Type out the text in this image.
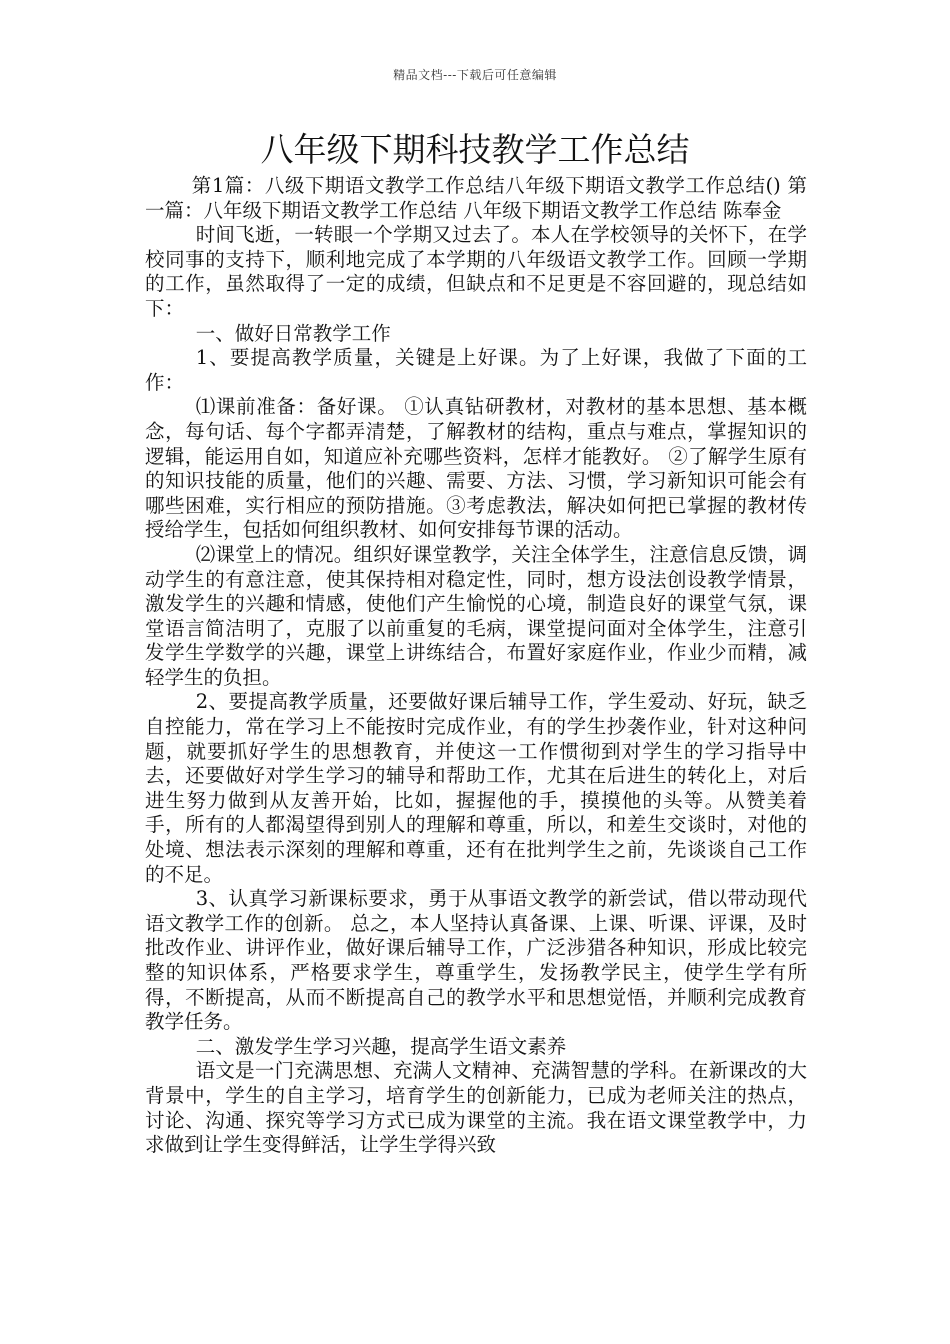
精品文档---下载后可任意编辑
八年级下期科技教学工作总结

第1篇：八级下期语文教学工作总结八年级下期语文教学工作总结() 第一篇：八年级下期语文教学工作总结 八年级下期语文教学工作总结 陈奉金

时间飞逝，一转眼一个学期又过去了。本人在学校领导的关怀下，在学校同事的支持下，顺利地完成了本学期的八年级语文教学工作。回顾一学期的工作，虽然取得了一定的成绩，但缺点和不足更是不容回避的，现总结如下：

一、做好日常教学工作

1、要提高教学质量，关键是上好课。为了上好课，我做了下面的工作：

⑴课前准备：备好课。 ①认真钻研教材，对教材的基本思想、基本概念，每句话、每个字都弄清楚，了解教材的结构，重点与难点，掌握知识的逻辑，能运用自如，知道应补充哪些资料，怎样才能教好。 ②了解学生原有的知识技能的质量，他们的兴趣、需要、方法、习惯，学习新知识可能会有哪些困难，实行相应的预防措施。③考虑教法，解决如何把已掌握的教材传授给学生，包括如何组织教材、如何安排每节课的活动。

⑵课堂上的情况。组织好课堂教学，关注全体学生，注意信息反馈，调动学生的有意注意，使其保持相对稳定性，同时，想方设法创设教学情景，激发学生的兴趣和情感，使他们产生愉悦的心境，制造良好的课堂气氛，课堂语言简洁明了，克服了以前重复的毛病，课堂提问面对全体学生，注意引发学生学数学的兴趣，课堂上讲练结合，布置好家庭作业，作业少而精，减轻学生的负担。

2、要提高教学质量，还要做好课后辅导工作，学生爱动、好玩，缺乏自控能力，常在学习上不能按时完成作业，有的学生抄袭作业，针对这种问题，就要抓好学生的思想教育，并使这一工作惯彻到对学生的学习指导中去，还要做好对学生学习的辅导和帮助工作，尤其在后进生的转化上，对后进生努力做到从友善开始，比如，握握他的手，摸摸他的头等。从赞美着手，所有的人都渴望得到别人的理解和尊重，所以，和差生交谈时，对他的处境、想法表示深刻的理解和尊重，还有在批判学生之前，先谈谈自己工作的不足。

3、认真学习新课标要求，勇于从事语文教学的新尝试，借以带动现代语文教学工作的创新。 总之，本人坚持认真备课、上课、听课、评课，及时批改作业、讲评作业，做好课后辅导工作，广泛涉猎各种知识，形成比较完整的知识体系，严格要求学生，尊重学生，发扬教学民主，使学生学有所得，不断提高，从而不断提高自己的教学水平和思想觉悟，并顺利完成教育教学任务。

二、激发学生学习兴趣，提高学生语文素养

语文是一门充满思想、充满人文精神、充满智慧的学科。在新课改的大背景中，学生的自主学习，培育学生的创新能力，已成为老师关注的热点，讨论、沟通、探究等学习方式已成为课堂的主流。我在语文课堂教学中，力求做到让学生变得鲜活，让学生学得兴致
